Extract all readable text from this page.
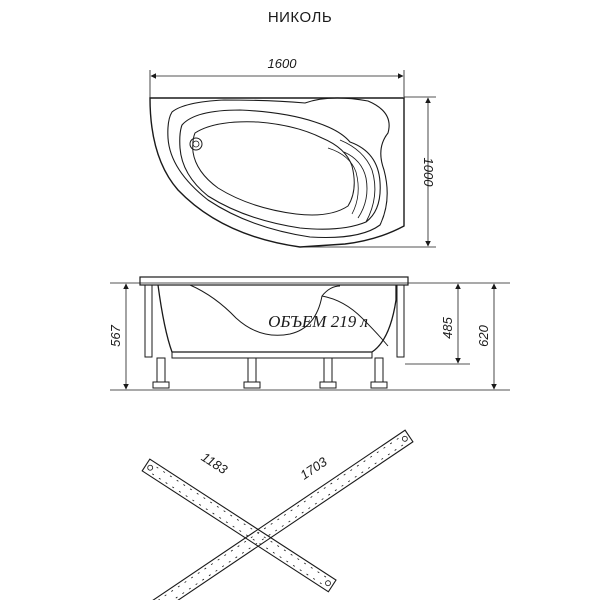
НИКОЛЬ
1600
1000
ОБЪЕМ 219 л
567	485 620
1183	1703
